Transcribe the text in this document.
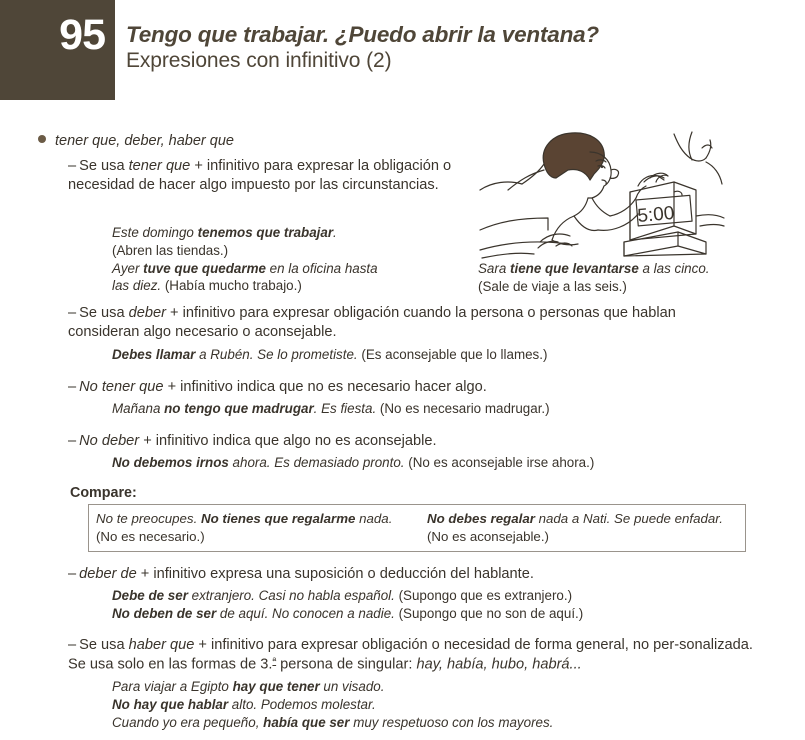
95 Tengo que trabajar. ¿Puedo abrir la ventana?
Expresiones con infinitivo (2)
tener que, deber, haber que
– Se usa tener que + infinitivo para expresar la obligación o necesidad de hacer algo impuesto por las circunstancias.
Este domingo tenemos que trabajar.
(Abren las tiendas.)
Ayer tuve que quedarme en la oficina hasta
las diez. (Había mucho trabajo.)
5:00
Sara tiene que levantarse a las cinco.
(Sale de viaje a las seis.)
– Se usa deber + infinitivo para expresar obligación cuando la persona o personas que hablan consideran algo necesario o aconsejable.
Debes llamar a Rubén. Se lo prometiste. (Es aconsejable que lo llames.)
– No tener que + infinitivo indica que no es necesario hacer algo.
Mañana no tengo que madrugar. Es fiesta. (No es necesario madrugar.)
– No deber + infinitivo indica que algo no es aconsejable.
No debemos irnos ahora. Es demasiado pronto. (No es aconsejable irse ahora.)
Compare:
No te preocupes. No tienes que regalarme nada.
(No es necesario.)
No debes regalar nada a Nati. Se puede enfadar.
(No es aconsejable.)
– deber de + infinitivo expresa una suposición o deducción del hablante.
Debe de ser extranjero. Casi no habla español. (Supongo que es extranjero.)
No deben de ser de aquí. No conocen a nadie. (Supongo que no son de aquí.)
– Se usa haber que + infinitivo para expresar obligación o necesidad de forma general, no per-sonalizada. Se usa solo en las formas de 3.$^ª$ persona de singular: hay, había, hubo, habrá...
Para viajar a Egipto hay que tener un visado.
No hay que hablar alto. Podemos molestar.
Cuando yo era pequeño, había que ser muy respetuoso con los mayores.
